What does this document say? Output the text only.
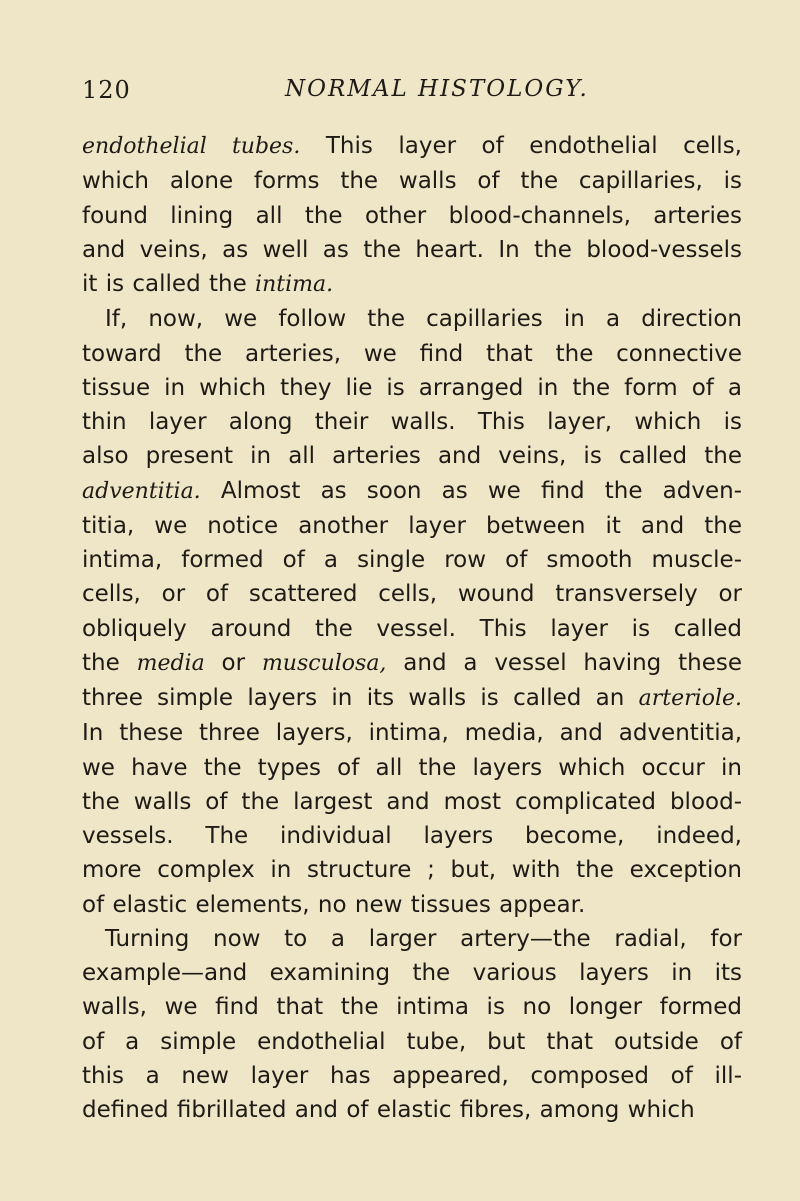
120	NORMAL HISTOLOGY.
endothelial tubes. This layer of endothelial cells,
which alone forms the walls of the capillaries, is
found lining all the other blood-channels, arteries
and veins, as well as the heart. In the blood-vessels
it is called the intima.
If, now, we follow the capillaries in a direction
toward the arteries, we find that the connective
tissue in which they lie is arranged in the form of a
thin layer along their walls. This layer, which is
also present in all arteries and veins, is called the
adventitia. Almost as soon as we find the adven-
titia, we notice another layer between it and the
intima, formed of a single row of smooth muscle-
cells, or of scattered cells, wound transversely or
obliquely around the vessel. This layer is called
the media or musculosa, and a vessel having these
three simple layers in its walls is called an arteriole.
In these three layers, intima, media, and adventitia,
we have the types of all the layers which occur in
the walls of the largest and most complicated blood-
vessels. The individual layers become, indeed,
more complex in structure ; but, with the exception
of elastic elements, no new tissues appear.
Turning now to a larger artery—the radial, for
example—and examining the various layers in its
walls, we find that the intima is no longer formed
of a simple endothelial tube, but that outside of
this a new layer has appeared, composed of ill-
defined fibrillated and of elastic fibres, among which
